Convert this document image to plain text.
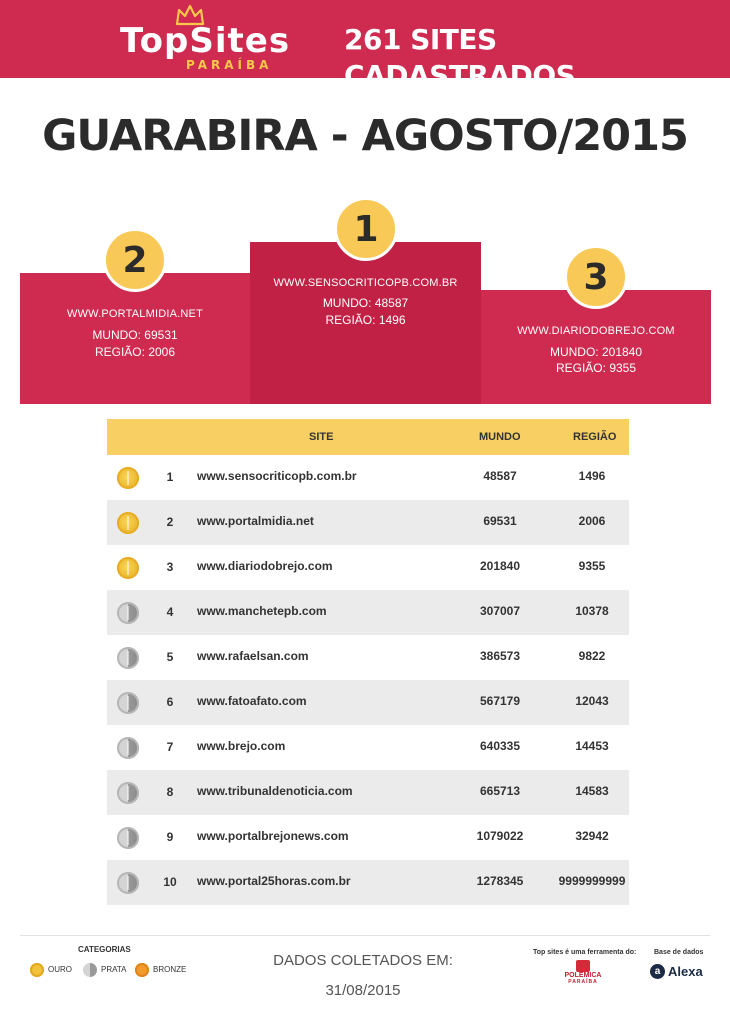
TopSites
PARAÍBA
261 SITES CADASTRADOS
GUARABIRA - AGOSTO/2015
WWW.PORTALMIDIA.NET
MUNDO: 69531
REGIÃO: 2006
WWW.SENSOCRITICOPB.COM.BR
MUNDO: 48587
REGIÃO: 1496
WWW.DIARIODOBREJO.COM
MUNDO: 201840
REGIÃO: 9355
1
2	3
SITE	MUNDO	REGIÃO
1	www.sensocriticopb.com.br	48587	1496
2	www.portalmidia.net	69531	2006
3	www.diariodobrejo.com	201840	9355
4	www.manchetepb.com	307007	10378
5	www.rafaelsan.com	386573	9822
6	www.fatoafato.com	567179	12043
7	www.brejo.com	640335	14453
8	www.tribunaldenoticia.com	665713	14583
9	www.portalbrejonews.com	1079022	32942
10 www.portal25horas.com.br	1278345	9999999999
CATEGORIAS
OURO	PRATA	BRONZE
DADOS COLETADOS EM:
31/08/2015
Top sites é uma ferramenta do:
POLÊMICA
PARAÍBA
Base de dados
a Alexa
